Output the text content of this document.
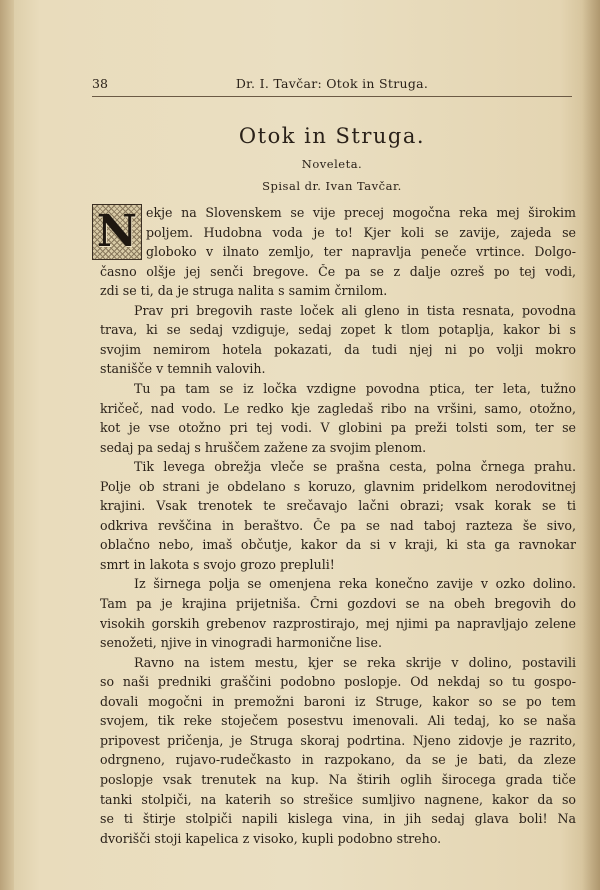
38	Dr. I. Tavčar: Otok in Struga.
Otok in Struga.
Noveleta.
Spisal dr. Ivan Tavčar.
N ekje na Slovenskem se vije precej mogočna reka mej širokim
poljem. Hudobna voda je to! Kjer koli se zavije, zajeda se
globoko v ilnato zemljo, ter napravlja peneče vrtince. Dolgo-
časno olšje jej senči bregove. Če pa se z dalje ozreš po tej vodi,
zdi se ti, da je struga nalita s samim črnilom.
Prav pri bregovih raste loček ali gleno in tista resnata, povodna
trava, ki se sedaj vzdiguje, sedaj zopet k tlom potaplja, kakor bi s
svojim nemirom hotela pokazati, da tudi njej ni po volji mokro
stanišče v temnih valovih.
Tu pa tam se iz ločka vzdigne povodna ptica, ter leta, tužno
kričeč, nad vodo. Le redko kje zagledaš ribo na vršini, samo, otožno,
kot je vse otožno pri tej vodi. V globini pa preži tolsti som, ter se
sedaj pa sedaj s hruščem zažene za svojim plenom.
Tik levega obrežja vleče se prašna cesta, polna črnega prahu.
Polje ob strani je obdelano s koruzo, glavnim pridelkom nerodovitnej
krajini. Vsak trenotek te srečavajo lačni obrazi; vsak korak se ti
odkriva revščina in beraštvo. Če pa se nad taboj razteza še sivo,
oblačno nebo, imaš občutje, kakor da si v kraji, ki sta ga ravnokar
smrt in lakota s svojo grozo prepluli!
Iz širnega polja se omenjena reka konečno zavije v ozko dolino.
Tam pa je krajina prijetniša. Črni gozdovi se na obeh bregovih do
visokih gorskih grebenov razprostirajo, mej njimi pa napravljajo zelene
senožeti, njive in vinogradi harmonične lise.
Ravno na istem mestu, kjer se reka skrije v dolino, postavili
so naši predniki graščini podobno poslopje. Od nekdaj so tu gospo-
dovali mogočni in premožni baroni iz Struge, kakor so se po tem
svojem, tik reke stoječem posestvu imenovali. Ali tedaj, ko se naša
pripovest pričenja, je Struga skoraj podrtina. Njeno zidovje je razrito,
odrgneno, rujavo-rudečkasto in razpokano, da se je bati, da zleze
poslopje vsak trenutek na kup. Na štirih oglih širocega grada tiče
tanki stolpiči, na katerih so strešice sumljivo nagnene, kakor da so
se ti štirje stolpiči napili kislega vina, in jih sedaj glava boli! Na
dvorišči stoji kapelica z visoko, kupli podobno streho.
